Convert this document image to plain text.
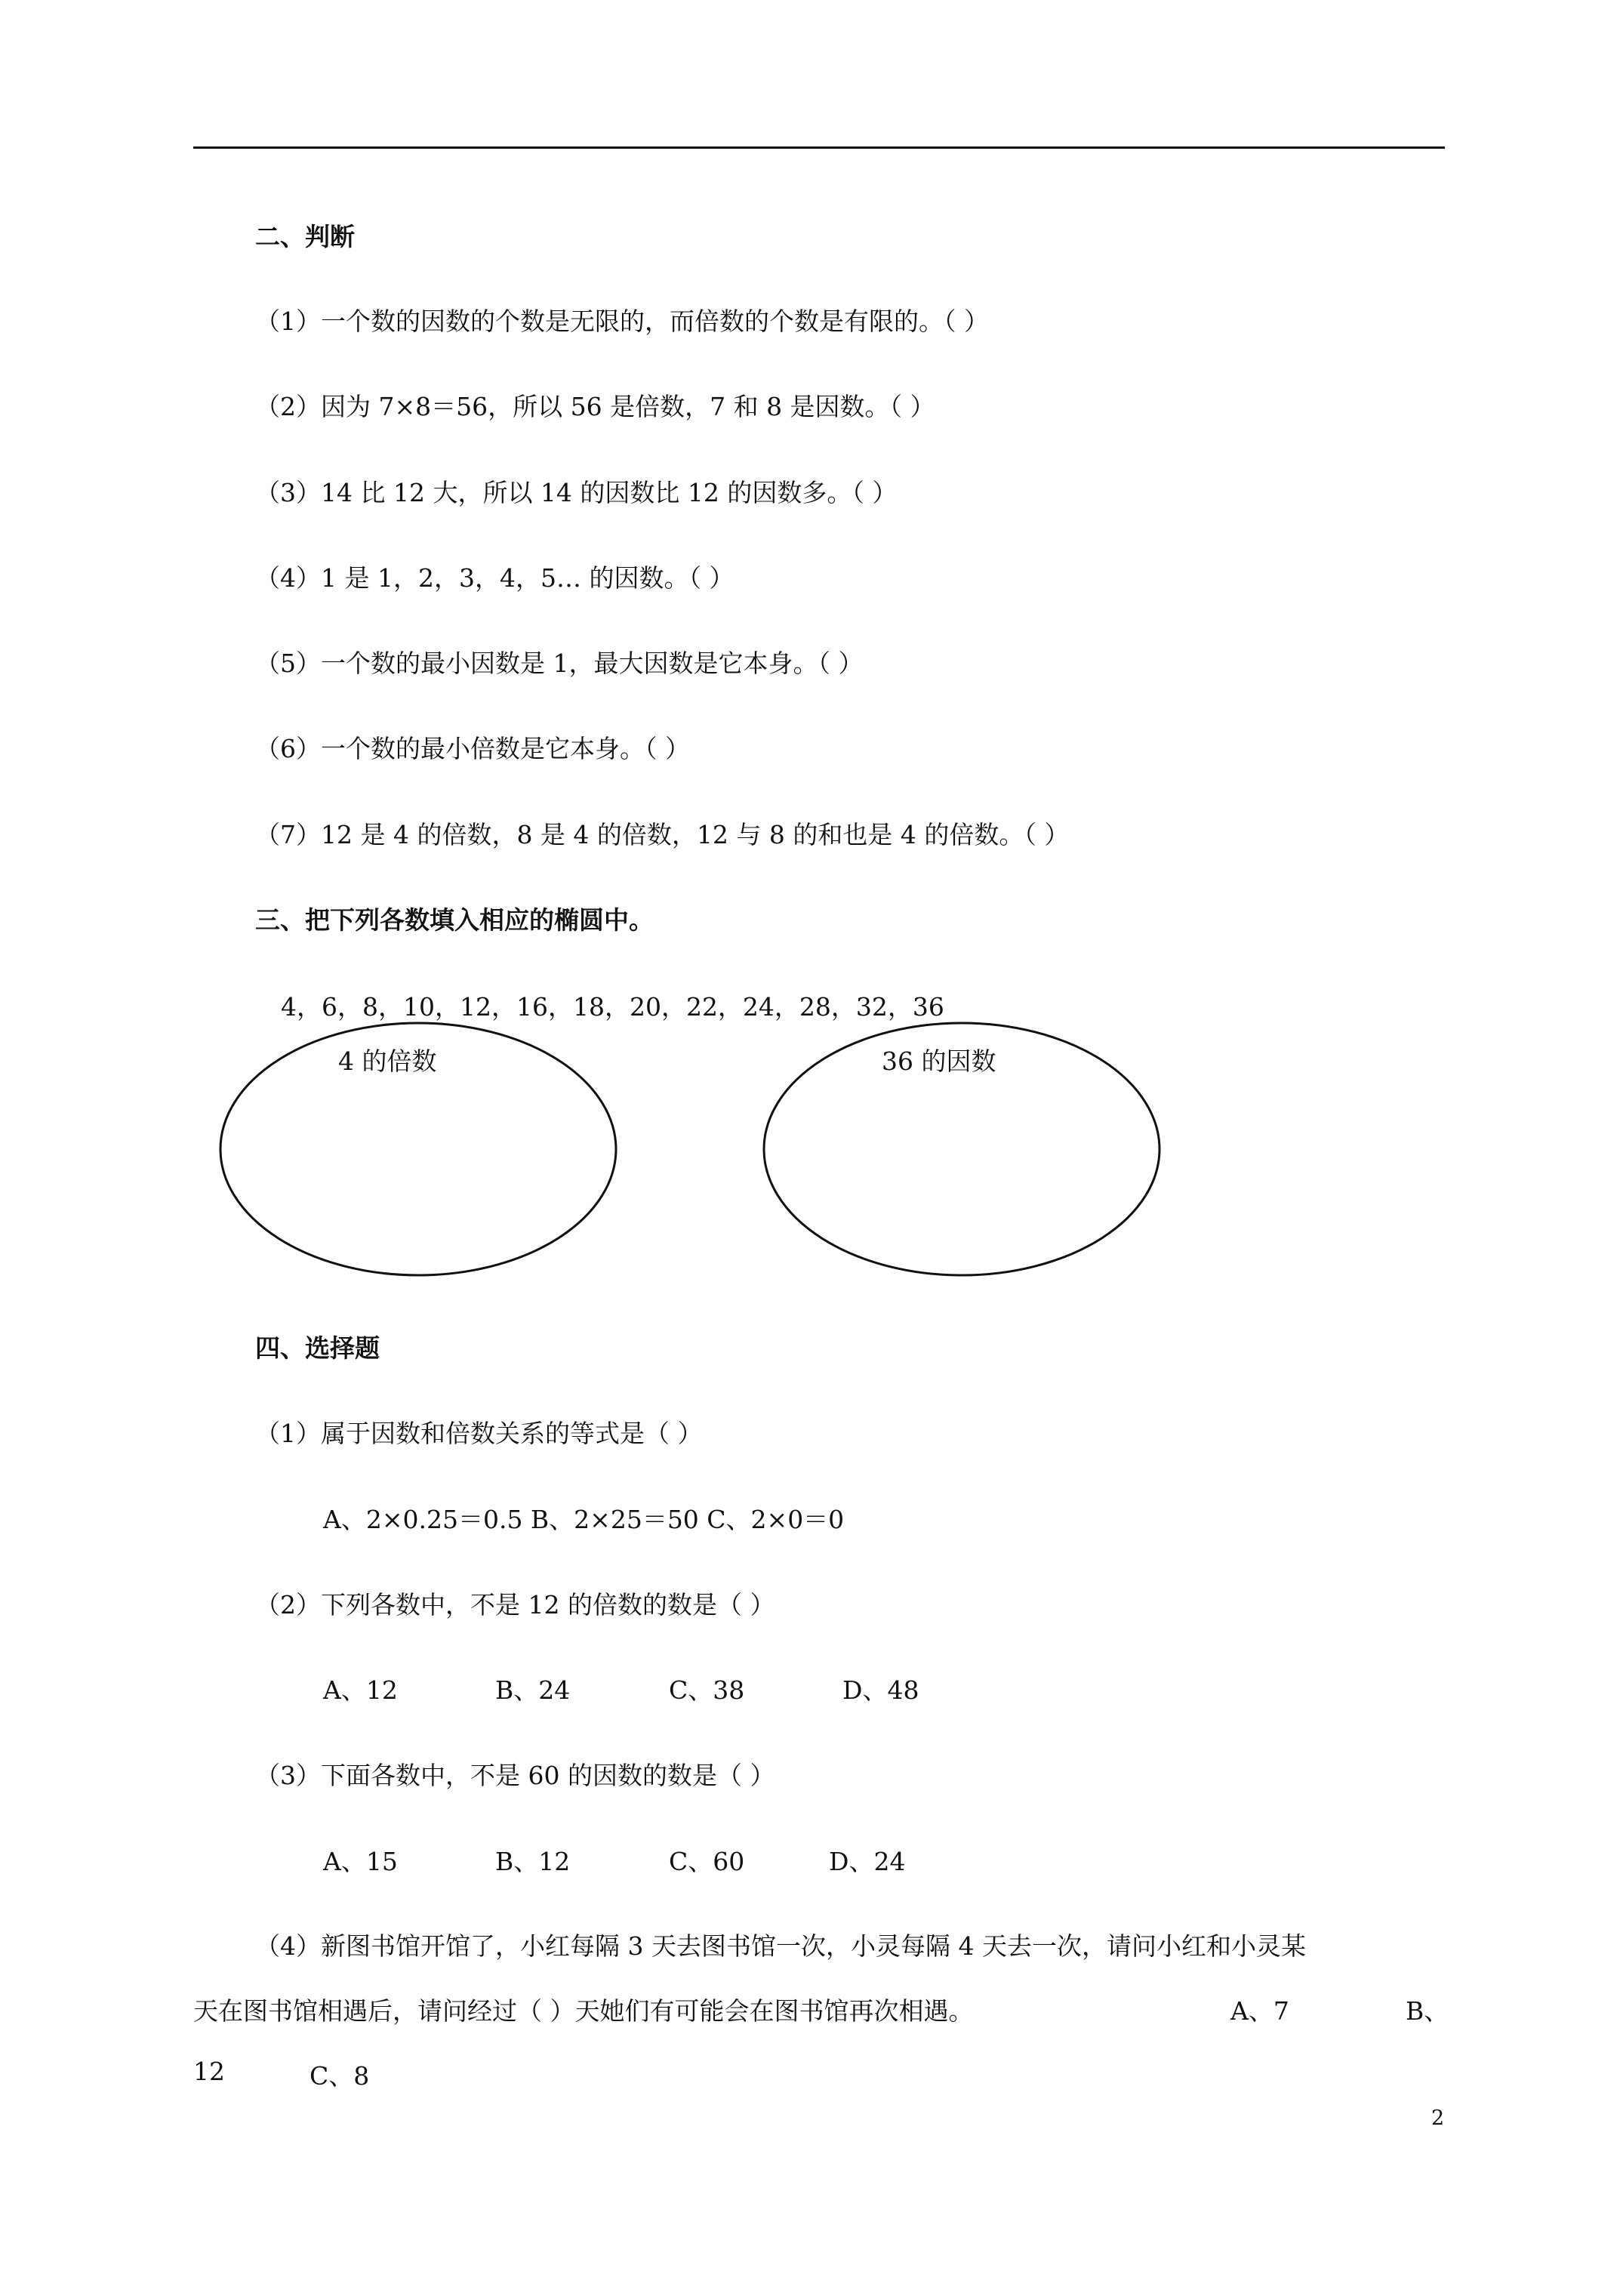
二、判断
（1）一个数的因数的个数是无限的，而倍数的个数是有限的。（ ）
（2）因为 7×8＝56，所以 56 是倍数，7 和 8 是因数。（ ）
（3）14 比 12 大，所以 14 的因数比 12 的因数多。（ ）
（4）1 是 1，2，3，4，5… 的因数。（ ）
（5）一个数的最小因数是 1，最大因数是它本身。（ ）
（6）一个数的最小倍数是它本身。（ ）
（7）12 是 4 的倍数，8 是 4 的倍数，12 与 8 的和也是 4 的倍数。（ ）
三、把下列各数填入相应的椭圆中。
4，6，8，10，12，16，18，20，22，24，28，32，36
4 的倍数	36 的因数
四、选择题
（1）属于因数和倍数关系的等式是（ ）
A、2×0.25＝0.5 B、2×25＝50 C、2×0＝0
（2）下列各数中，不是 12 的倍数的数是（ ）
A、12	B、24	C、38	D、48
（3）下面各数中，不是 60 的因数的数是（ ）
A、15	B、12	C、60	D、24
（4）新图书馆开馆了，小红每隔 3 天去图书馆一次，小灵每隔 4 天去一次，请问小红和小灵某
天在图书馆相遇后，请问经过（ ）天她们有可能会在图书馆再次相遇。	A、7	B、
12	C、8
2
